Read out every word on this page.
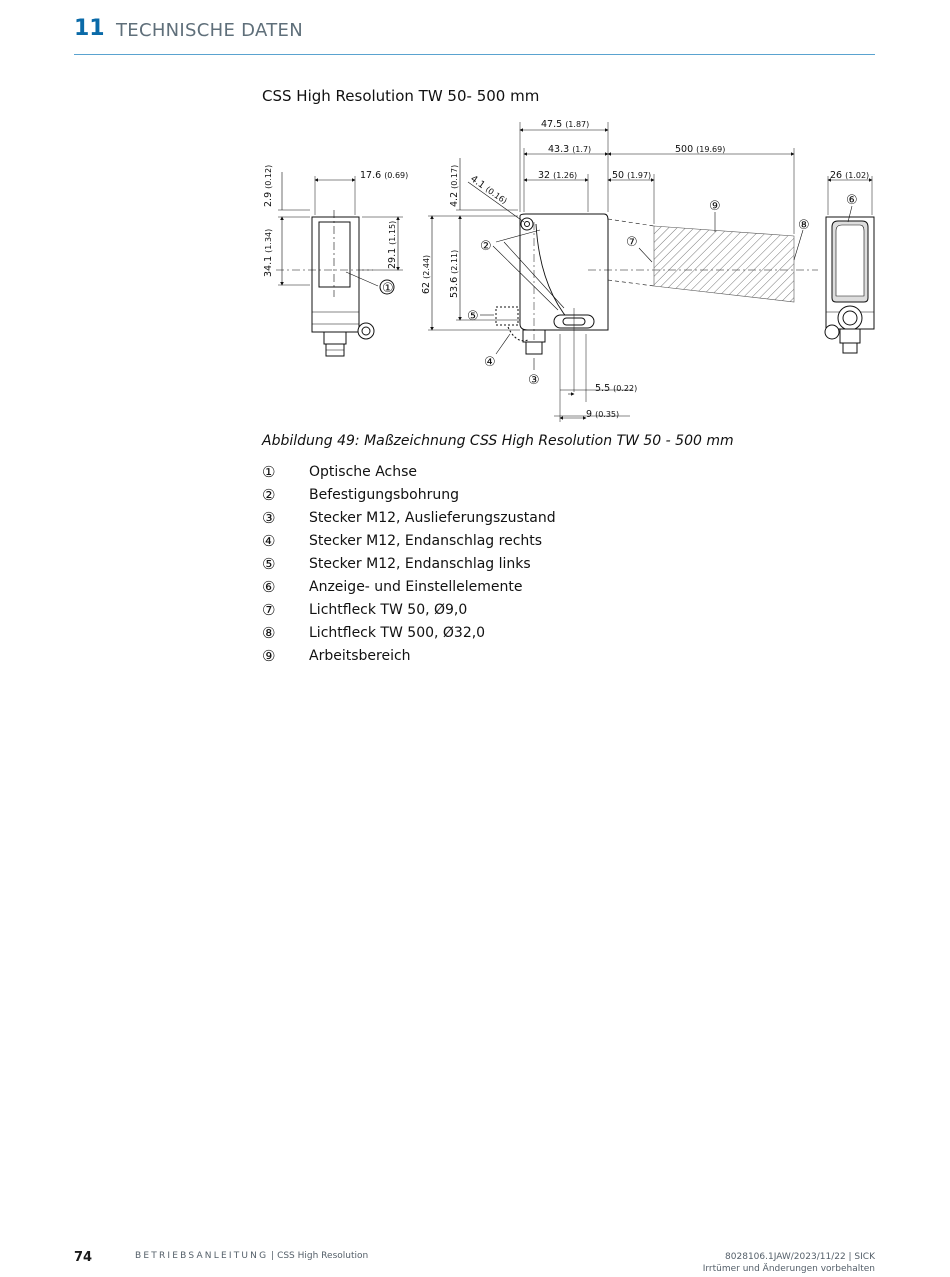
11 TECHNISCHE DATEN
CSS High Resolution TW 50- 500 mm
17.6 (0.69)
2.9 (0.12)
34.1 (1.34)
29.1 (1.15)
①
47.5 (1.87)
43.3 (1.7)	500 (19.69)
32 (1.26)	50 (1.97)
4.1 (0.16)
4.2 (0.17)
62 (2.44)
53.6 (2.11)
5.5 (0.22)
9 (0.35)
②
③
④
⑤
⑦
⑧
⑨
26 (1.02)
⑥
Abbildung 49: Maßzeichnung CSS High Resolution TW 50 - 500 mm
①	Optische Achse
②	Befestigungsbohrung
③	Stecker M12, Auslieferungszustand
④	Stecker M12, Endanschlag rechts
⑤	Stecker M12, Endanschlag links
⑥	Anzeige- und Einstellelemente
⑦	Lichtfleck TW 50, Ø9,0
⑧	Lichtfleck TW 500, Ø32,0
⑨	Arbeitsbereich
74	BETRIEBSANLEITUNG | CSS High Resolution	8028106.1JAW/2023/11/22 | SICK
Irrtümer und Änderungen vorbehalten
